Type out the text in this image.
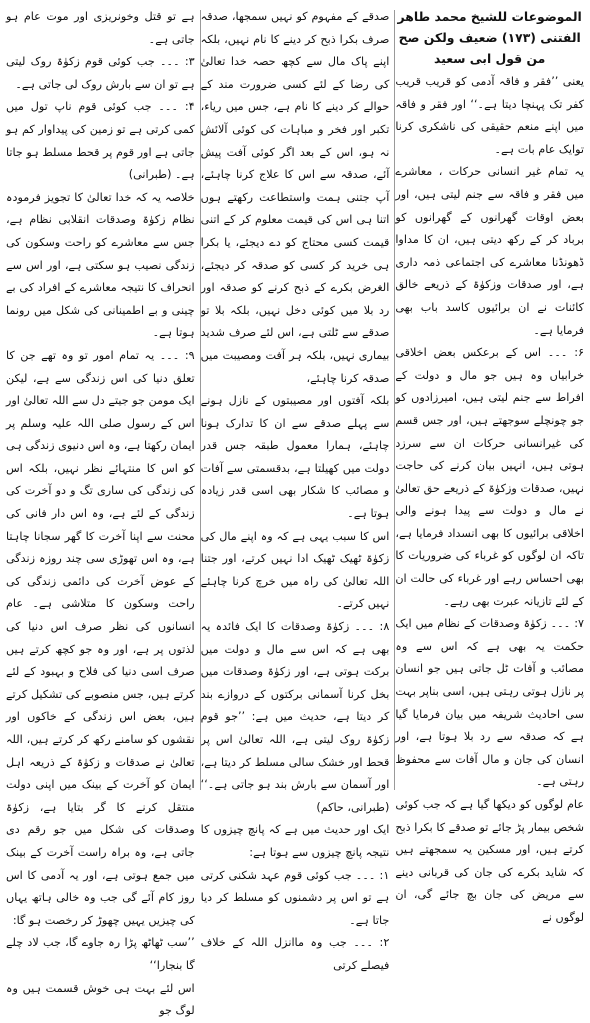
الموضوعات للشیخ محمد طاھر الفتنی (۱۷۳) ضعیف ولکن صح من قول ابی سعید

یعنی ’’فقر و فاقہ آدمی کو قریب قریب کفر تک پہنچا دیتا ہے۔‘‘ اور فقر و فاقہ میں اپنے منعم حقیقی کی ناشکری کرنا توایک عام بات ہے۔

یہ تمام غیر انسانی حرکات ، معاشرے میں فقر و فاقہ سے جنم لیتی ہیں، اور بعض اوقات گھرانوں کے گھرانوں کو برباد کر کے رکھ دیتی ہیں، ان کا مداوا ڈھونڈنا معاشرے کی اجتماعی ذمہ داری ہے، اور صدقات وزکوٰۃ کے ذریعے خالق کائنات نے ان برائیوں کاسد باب بھی فرمایا ہے۔

۶: ۔۔۔ اس کے برعکس بعض اخلاقی خرابیاں وہ ہیں جو مال و دولت کے افراط سے جنم لیتی ہیں، امیرزادوں کو جو چونچلے سوجھتے ہیں، اور جس قسم کی غیرانسانی حرکات ان سے سرزد ہوتی ہیں، انہیں بیان کرنے کی حاجت نہیں، صدقات وزکوٰۃ کے ذریعے حق تعالیٰ نے مال و دولت سے پیدا ہونے والی اخلاقی برائیوں کا بھی انسداد فرمایا ہے، تاکہ ان لوگوں کو غرباء کی ضروریات کا بھی احساس رہے اور غرباء کی حالت ان کے لئے تازیانہ عبرت بھی رہے۔

۷: ۔۔۔ زکوٰۃ وصدقات کے نظام میں ایک حکمت یہ بھی ہے کہ اس سے وہ مصائب و آفات ٹل جاتی ہیں جو انسان پر نازل ہوتی رہتی ہیں، اسی بناپر بہت سی احادیث شریفہ میں بیان فرمایا گیا ہے کہ صدقہ سے رد بلا ہوتا ہے، اور انسان کی جان و مال آفات سے محفوظ رہتی ہے۔

عام لوگوں کو دیکھا گیا ہے کہ جب کوئی شخص بیمار پڑ جائے تو صدقے کا بکرا ذبح کرتے ہیں، اور مسکین یہ سمجھتے ہیں کہ شاید بکرے کی جان کی قربانی دینے سے مریض کی جان بچ جائے گی، ان لوگوں نے

صدقے کے مفہوم کو نہیں سمجھا، صدقہ صرف بکرا ذبح کر دینے کا نام نہیں، بلکہ اپنے پاک مال سے کچھ حصہ خدا تعالیٰ کی رضا کے لئے کسی ضرورت مند کے حوالے کر دینے کا نام ہے، جس میں ریاء، تکبر اور فخر و مباہات کی کوئی آلائش نہ ہو، اس کے بعد اگر کوئی آفت پیش آئے، صدقہ سے اس کا علاج کرنا چاہئے، آپ جتنی ہمت واستطاعت رکھتے ہوں اتنا ہی اس کی قیمت معلوم کر کے اتنی قیمت کسی محتاج کو دے دیجئے، یا بکرا ہی خرید کر کسی کو صدقہ کر دیجئے، الغرض بکرے کے ذبح کرنے کو صدقہ اور رد بلا میں کوئی دخل نہیں، بلکہ بلا تو صدقے سے ٹلتی ہے، اس لئے صرف شدید بیماری نہیں، بلکہ ہر آفت ومصیبت میں صدقہ کرنا چاہئے،

بلکہ آفتوں اور مصیبتوں کے نازل ہونے سے پہلے صدقے سے ان کا تدارک ہونا چاہئے، ہمارا معمول طبقہ جس قدر دولت میں کھیلتا ہے، بدقسمتی سے آفات و مصائب کا شکار بھی اسی قدر زیادہ ہوتا ہے۔

اس کا سبب یہی ہے کہ وہ اپنے مال کی زکوٰۃ ٹھیک ٹھیک ادا نہیں کرتے، اور جتنا اللہ تعالیٰ کی راہ میں خرچ کرنا چاہئے نہیں کرتے۔

۸: ۔۔۔ زکوٰۃ وصدقات کا ایک فائدہ یہ بھی ہے کہ اس سے مال و دولت میں برکت ہوتی ہے، اور زکوٰۃ وصدقات میں بخل کرنا آسمانی برکتوں کے دروازے بند کر دیتا ہے، حدیث میں ہے: ’’جو قوم زکوٰۃ روک لیتی ہے، اللہ تعالیٰ اس پر قحط اور خشک سالی مسلط کر دیتا ہے، اور آسمان سے بارش بند ہو جاتی ہے۔‘‘ (طبرانی، حاکم)

ایک اور حدیث میں ہے کہ پانچ چیزوں کا نتیجہ پانچ چیزوں سے ہوتا ہے:

۱: ۔۔۔ جب کوئی قوم عہد شکنی کرتی ہے تو اس پر دشمنوں کو مسلط کر دیا جاتا ہے۔

۲: ۔۔۔ جب وہ ماانزل اللہ کے خلاف فیصلے کرتی

ہے تو قتل وخونریزی اور موت عام ہو جاتی ہے۔

۳: ۔۔۔ جب کوئی قوم زکوٰۃ روک لیتی ہے تو ان سے بارش روک لی جاتی ہے۔

۴: ۔۔۔ جب کوئی قوم ناپ تول میں کمی کرتی ہے تو زمین کی پیداوار کم ہو جاتی ہے اور قوم پر قحط مسلط ہو جاتا ہے۔ (طبرانی)

خلاصہ یہ کہ خدا تعالیٰ کا تجویز فرمودہ نظام زکوٰۃ وصدقات انقلابی نظام ہے، جس سے معاشرے کو راحت وسکون کی زندگی نصیب ہو سکتی ہے، اور اس سے انحراف کا نتیجہ معاشرے کے افراد کی بے چینی و بے اطمینانی کی شکل میں رونما ہوتا ہے۔

۹: ۔۔۔ یہ تمام امور تو وہ تھے جن کا تعلق دنیا کی اس زندگی سے ہے، لیکن ایک مومن جو جیتے دل سے اللہ تعالیٰ اور اس کے رسول صلی اللہ علیہ وسلم پر ایمان رکھتا ہے، وہ اس دنیوی زندگی ہی کو اس کا منتہائے نظر نہیں، بلکہ اس کی زندگی کی ساری تگ و دو آخرت کی زندگی کے لئے ہے، وہ اس دار فانی کی محنت سے اپنا آخرت کا گھر سجانا چاہتا ہے، وہ اس تھوڑی سی چند روزہ زندگی کے عوض آخرت کی دائمی زندگی کی راحت وسکون کا متلاشی ہے۔ عام انسانوں کی نظر صرف اس دنیا کی لذتوں پر ہے، اور وہ جو کچھ کرتے ہیں صرف اسی دنیا کی فلاح و بہبود کے لئے کرتے ہیں، جس منصوبے کی تشکیل کرتے ہیں، بعض اس زندگی کے خاکوں اور نقشوں کو سامنے رکھ کر کرتے ہیں، اللہ تعالیٰ نے صدقات و زکوٰۃ کے ذریعہ اہل ایمان کو آخرت کے بینک میں اپنی دولت منتقل کرنے کا گر بتایا ہے، زکوٰۃ وصدقات کی شکل میں جو رقم دی جاتی ہے، وہ براہ راست آخرت کے بینک میں جمع ہوتی ہے، اور یہ آدمی کا اس روز کام آئے گی جب وہ خالی ہاتھ یہاں کی چیزیں یہیں چھوڑ کر رخصت ہو گا:

’’سب ٹھاٹھ پڑا رہ جاوے گا، جب لاد چلے گا بنجارا‘‘

اس لئے بہت ہی خوش قسمت ہیں وہ لوگ جو
